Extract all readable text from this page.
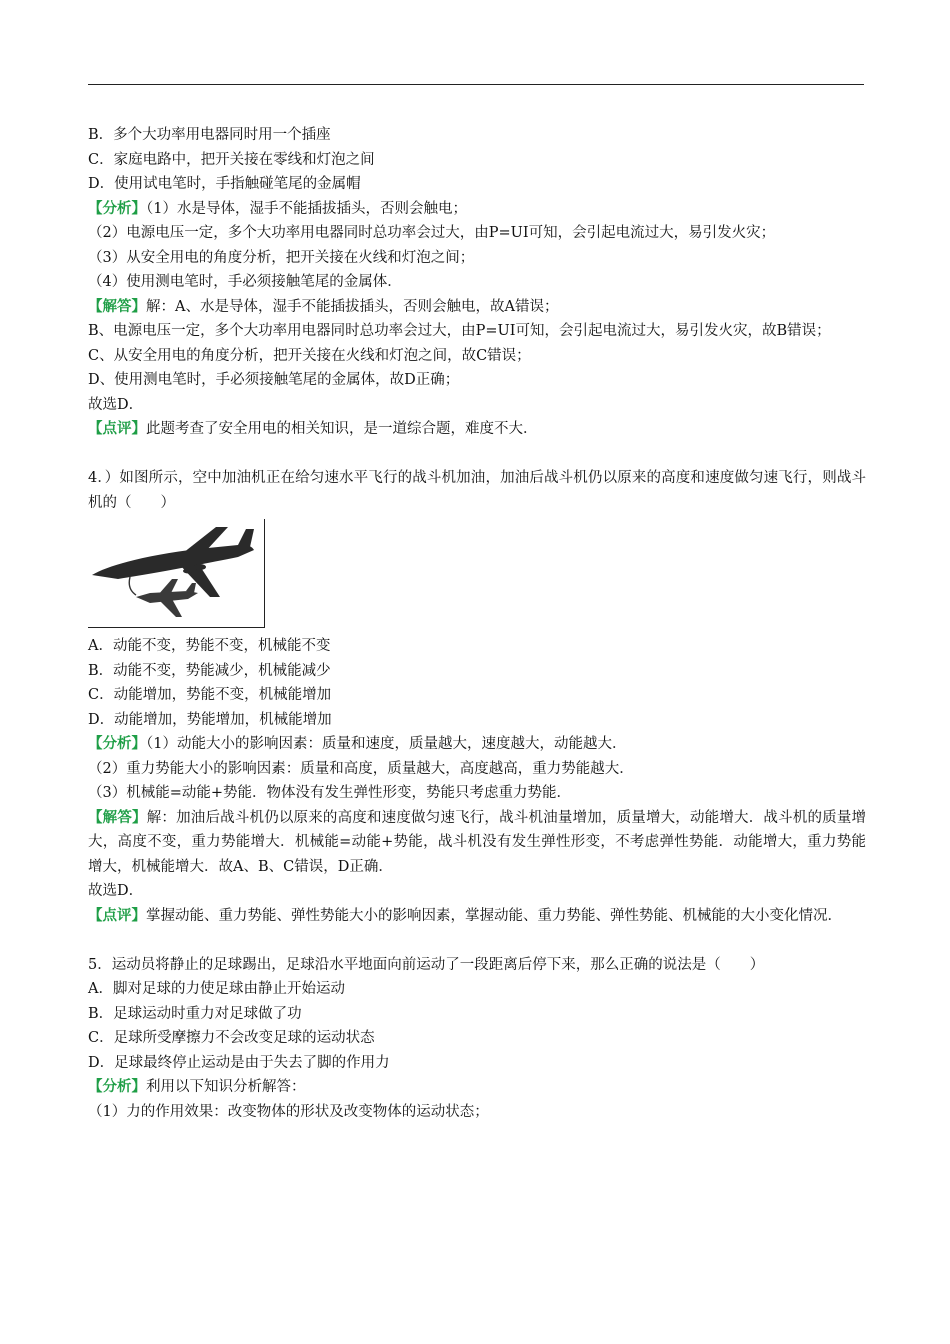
B．多个大功率用电器同时用一个插座
C．家庭电路中，把开关接在零线和灯泡之间
D．使用试电笔时，手指触碰笔尾的金属帽
【分析】（1）水是导体，湿手不能插拔插头，否则会触电；
（2）电源电压一定，多个大功率用电器同时总功率会过大，由P=UI可知，会引起电流过大，易引发火灾；
（3）从安全用电的角度分析，把开关接在火线和灯泡之间；
（4）使用测电笔时，手必须接触笔尾的金属体．
【解答】解：A、水是导体，湿手不能插拔插头，否则会触电，故A错误；
B、电源电压一定，多个大功率用电器同时总功率会过大，由P=UI可知，会引起电流过大，易引发火灾，故B错误；
C、从安全用电的角度分析，把开关接在火线和灯泡之间，故C错误；
D、使用测电笔时，手必须接触笔尾的金属体，故D正确；
故选D．
【点评】此题考查了安全用电的相关知识，是一道综合题，难度不大．
4．）如图所示，空中加油机正在给匀速水平飞行的战斗机加油，加油后战斗机仍以原来的高度和速度做匀速飞行，则战斗机的（　　）
A．动能不变，势能不变，机械能不变
B．动能不变，势能减少，机械能减少
C．动能增加，势能不变，机械能增加
D．动能增加，势能增加，机械能增加
【分析】（1）动能大小的影响因素：质量和速度，质量越大，速度越大，动能越大．
（2）重力势能大小的影响因素：质量和高度，质量越大，高度越高，重力势能越大．
（3）机械能=动能+势能．物体没有发生弹性形变，势能只考虑重力势能．
【解答】解：加油后战斗机仍以原来的高度和速度做匀速飞行，战斗机油量增加，质量增大，动能增大．战斗机的质量增大，高度不变，重力势能增大．机械能=动能+势能，战斗机没有发生弹性形变，不考虑弹性势能．动能增大，重力势能增大，机械能增大．故A、B、C错误，D正确．
故选D．
【点评】掌握动能、重力势能、弹性势能大小的影响因素，掌握动能、重力势能、弹性势能、机械能的大小变化情况．
5．运动员将静止的足球踢出，足球沿水平地面向前运动了一段距离后停下来，那么正确的说法是（　　）
A．脚对足球的力使足球由静止开始运动
B．足球运动时重力对足球做了功
C．足球所受摩擦力不会改变足球的运动状态
D．足球最终停止运动是由于失去了脚的作用力
【分析】利用以下知识分析解答：
（1）力的作用效果：改变物体的形状及改变物体的运动状态；
